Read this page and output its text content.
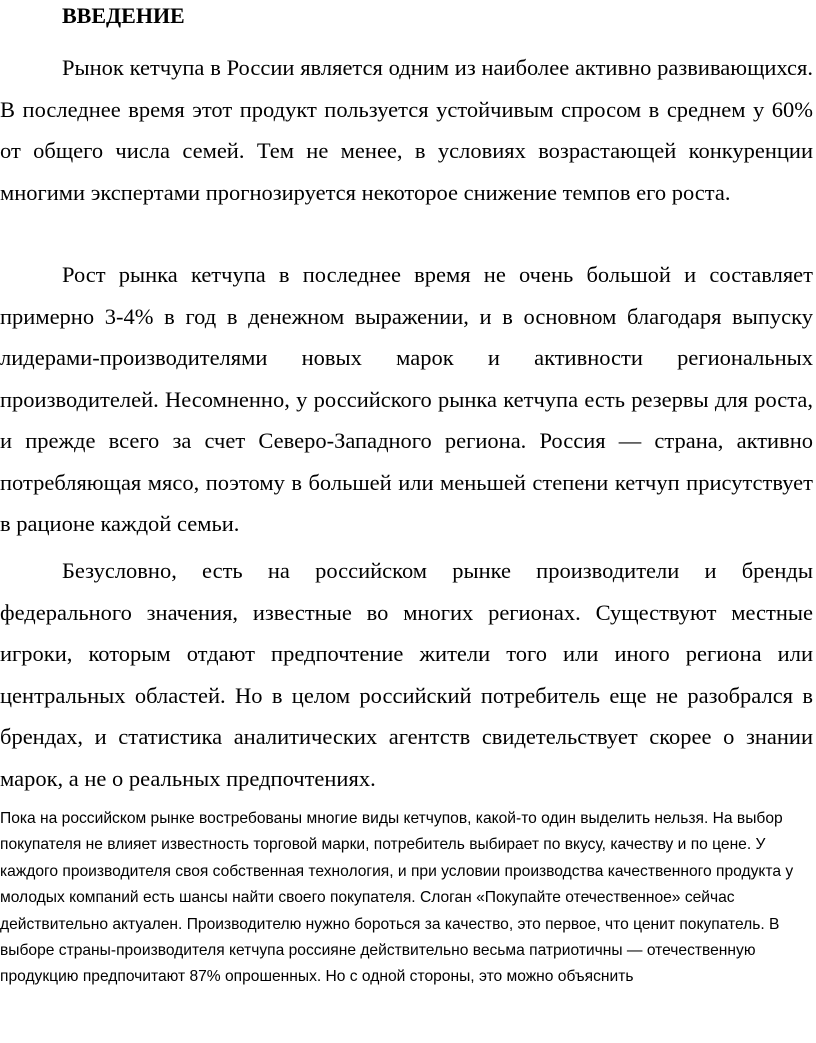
ВВЕДЕНИЕ

Рынок кетчупа в России является одним из наиболее активно развивающихся. В последнее время этот продукт пользуется устойчивым спросом в среднем у 60% от общего числа семей. Тем не менее, в условиях возрастающей конкуренции многими экспертами прогнозируется некоторое снижение темпов его роста.

Рост рынка кетчупа в последнее время не очень большой и составляет примерно 3-4% в год в денежном выражении, и в основном благодаря выпуску лидерами-производителями новых марок и активности региональных производителей. Несомненно, у российского рынка кетчупа есть резервы для роста, и прежде всего за счет Северо-Западного региона. Россия — страна, активно потребляющая мясо, поэтому в большей или меньшей степени кетчуп присутствует в рационе каждой семьи.

Безусловно, есть на российском рынке производители и бренды федерального значения, известные во многих регионах. Существуют местные игроки, которым отдают предпочтение жители того или иного региона или центральных областей. Но в целом российский потребитель еще не разобрался в брендах, и статистика аналитических агентств свидетельствует скорее о знании марок, а не о реальных предпочтениях.

Пока на российском рынке востребованы многие виды кетчупов, какой-то один выделить нельзя. На выбор покупателя не влияет известность торговой марки, потребитель выбирает по вкусу, качеству и по цене. У каждого производителя своя собственная технология, и при условии производства качественного продукта у молодых компаний есть шансы найти своего покупателя. Слоган «Покупайте отечественное» сейчас действительно актуален. Производителю нужно бороться за качество, это первое, что ценит покупатель. В выборе страны-производителя кетчупа россияне действительно весьма патриотичны — отечественную продукцию предпочитают 87% опрошенных. Но с одной стороны, это можно объяснить
